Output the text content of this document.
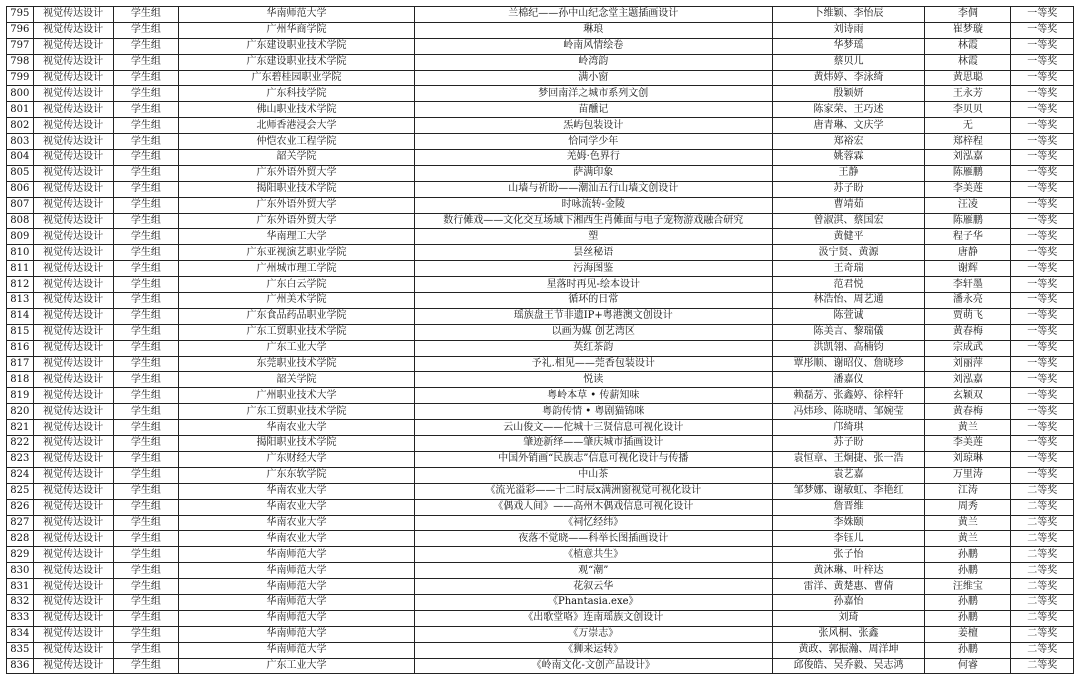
795	视觉传达设计	学生组	华南师范大学	兰棉纪——孙中山纪念堂主题插画设计	卜维颖、李怡辰	李倜	一等奖
796	视觉传达设计	学生组	广州华商学院	琳琅	刘诗雨	崔梦璇	一等奖
797	视觉传达设计	学生组	广东建设职业技术学院	岭南风情绘卷	华梦瑶	林霞	一等奖
798	视觉传达设计	学生组	广东建设职业技术学院	岭湾韵	蔡贝儿	林霞	一等奖
799	视觉传达设计	学生组	广东碧桂园职业学院	满小窗	黄炜婷、李泳绮	黄思聪	一等奖
800	视觉传达设计	学生组	广东科技学院	梦回南洋之城市系列文创	殷颖妍	王永芳	一等奖
801	视觉传达设计	学生组	佛山职业技术学院	苗醺记	陈家荣、王巧述	李贝贝	一等奖
802	视觉传达设计	学生组	北师香港浸会大学	炁屿包装设计	唐青琳、文庆学	无	一等奖
803	视觉传达设计	学生组	仲恺农业工程学院	恰同学少年	郑裕宏	郑梓程	一等奖
804	视觉传达设计	学生组	韶关学院	羌姆·色界行	姚蓉霖	刘泓嘉	一等奖
805	视觉传达设计	学生组	广东外语外贸大学	萨满印象	王静	陈雁鹏	一等奖
806	视觉传达设计	学生组	揭阳职业技术学院	山墙与祈盼——潮汕五行山墙文创设计	苏子盼	李美莲	一等奖
807	视觉传达设计	学生组	广东外语外贸大学	时咏流转-金陵	曹靖茹	汪凌	一等奖
808	视觉传达设计	学生组	广东外语外贸大学	数行傩戏——文化交互场域下湘西生肖傩面与电子宠物游戏融合研究	曾淑淇、蔡国宏	陈雁鹏	一等奖
809	视觉传达设计	学生组	华南理工大学	塑	黄健平	程子华	一等奖
810	视觉传达设计	学生组	广东亚视演艺职业学院	昙丝秘语	汲宁贤、黄源	唐静	一等奖
811	视觉传达设计	学生组	广州城市理工学院	污海图鉴	王奇瑞	谢辉	一等奖
812	视觉传达设计	学生组	广东白云学院	星落时再见-绘本设计	范君悦	李轩墨	一等奖
813	视觉传达设计	学生组	广州美术学院	循环的日常	林浩怡、周艺通	潘永亮	一等奖
814	视觉传达设计	学生组	广东食品药品职业学院	瑶族盘王节非遗IP+粤港澳文创设计	陈萱诚	贾萌飞	一等奖
815	视觉传达设计	学生组	广东工贸职业技术学院	以画为媒 创艺湾区	陈美言、黎瑞儀	黄春梅	一等奖
816	视觉传达设计	学生组	广东工业大学	英红茶韵	洪凯翎、高楠钧	宗成武	一等奖
817	视觉传达设计	学生组	东莞职业技术学院	予礼.相见——莞香包装设计	覃彤顺、谢昭仪、詹晓珍	刘丽萍	一等奖
818	视觉传达设计	学生组	韶关学院	悦读	潘嘉仪	刘泓嘉	一等奖
819	视觉传达设计	学生组	广州职业技术大学	粤岭本草 • 传薪知味	赖磊芳、张鑫婷、徐梓轩	玄颖双	一等奖
820	视觉传达设计	学生组	广东工贸职业技术学院	粤韵传情 • 粤剧猫锦咪	冯炜珍、陈晓晴、邹婉莹	黄春梅	一等奖
821	视觉传达设计	学生组	华南农业大学	云山俊文——佗城十三贤信息可视化设计	邝绮琪	黄兰	一等奖
822	视觉传达设计	学生组	揭阳职业技术学院	肇迹新绎——肇庆城市插画设计	苏子盼	李美莲	一等奖
823	视觉传达设计	学生组	广东财经大学	中国外销画“民族志”信息可视化设计与传播	袁恒章、王炯捷、张一浩	刘琼琳	一等奖
824	视觉传达设计	学生组	广东东软学院	中山茶	袁艺嘉	万里涛	一等奖
825	视觉传达设计	学生组	华南农业大学	《流光溢彩——十二时辰x满洲窗视觉可视化设计	邹梦娜、谢敏虹、李艳红	江涛	二等奖
826	视觉传达设计	学生组	华南农业大学	《偶戏人间》——高州木偶戏信息可视化设计	詹晋维	周秀	二等奖
827	视觉传达设计	学生组	华南农业大学	《祠忆经纬》	李姝颐	黄兰	二等奖
828	视觉传达设计	学生组	华南农业大学	夜落不觉晓——科举长图插画设计	李钰儿	黄兰	二等奖
829	视觉传达设计	学生组	华南师范大学	《植意共生》	张子怡	孙鹏	二等奖
830	视觉传达设计	学生组	华南师范大学	观“潮”	黄沐琳、叶梓达	孙鹏	二等奖
831	视觉传达设计	学生组	华南师范大学	花叙云华	雷洋、黄楚惠、曹倩	汪维宝	二等奖
832	视觉传达设计	学生组	华南师范大学	《Phantasia.exe》	孙嘉怡	孙鹏	二等奖
833	视觉传达设计	学生组	华南师范大学	《出歌堂咯》连南瑶族文创设计	刘琦	孙鹏	二等奖
834	视觉传达设计	学生组	华南师范大学	《万崇志》	张风桐、张鑫	姜檀	二等奖
835	视觉传达设计	学生组	华南师范大学	《狮来运转》	黄政、郭振瀚、周洋坤	孙鹏	二等奖
836	视觉传达设计	学生组	广东工业大学	《岭南文化-文创产品设计》	邱俊皓、吴乔毅、吴志鸿	何睿	二等奖
